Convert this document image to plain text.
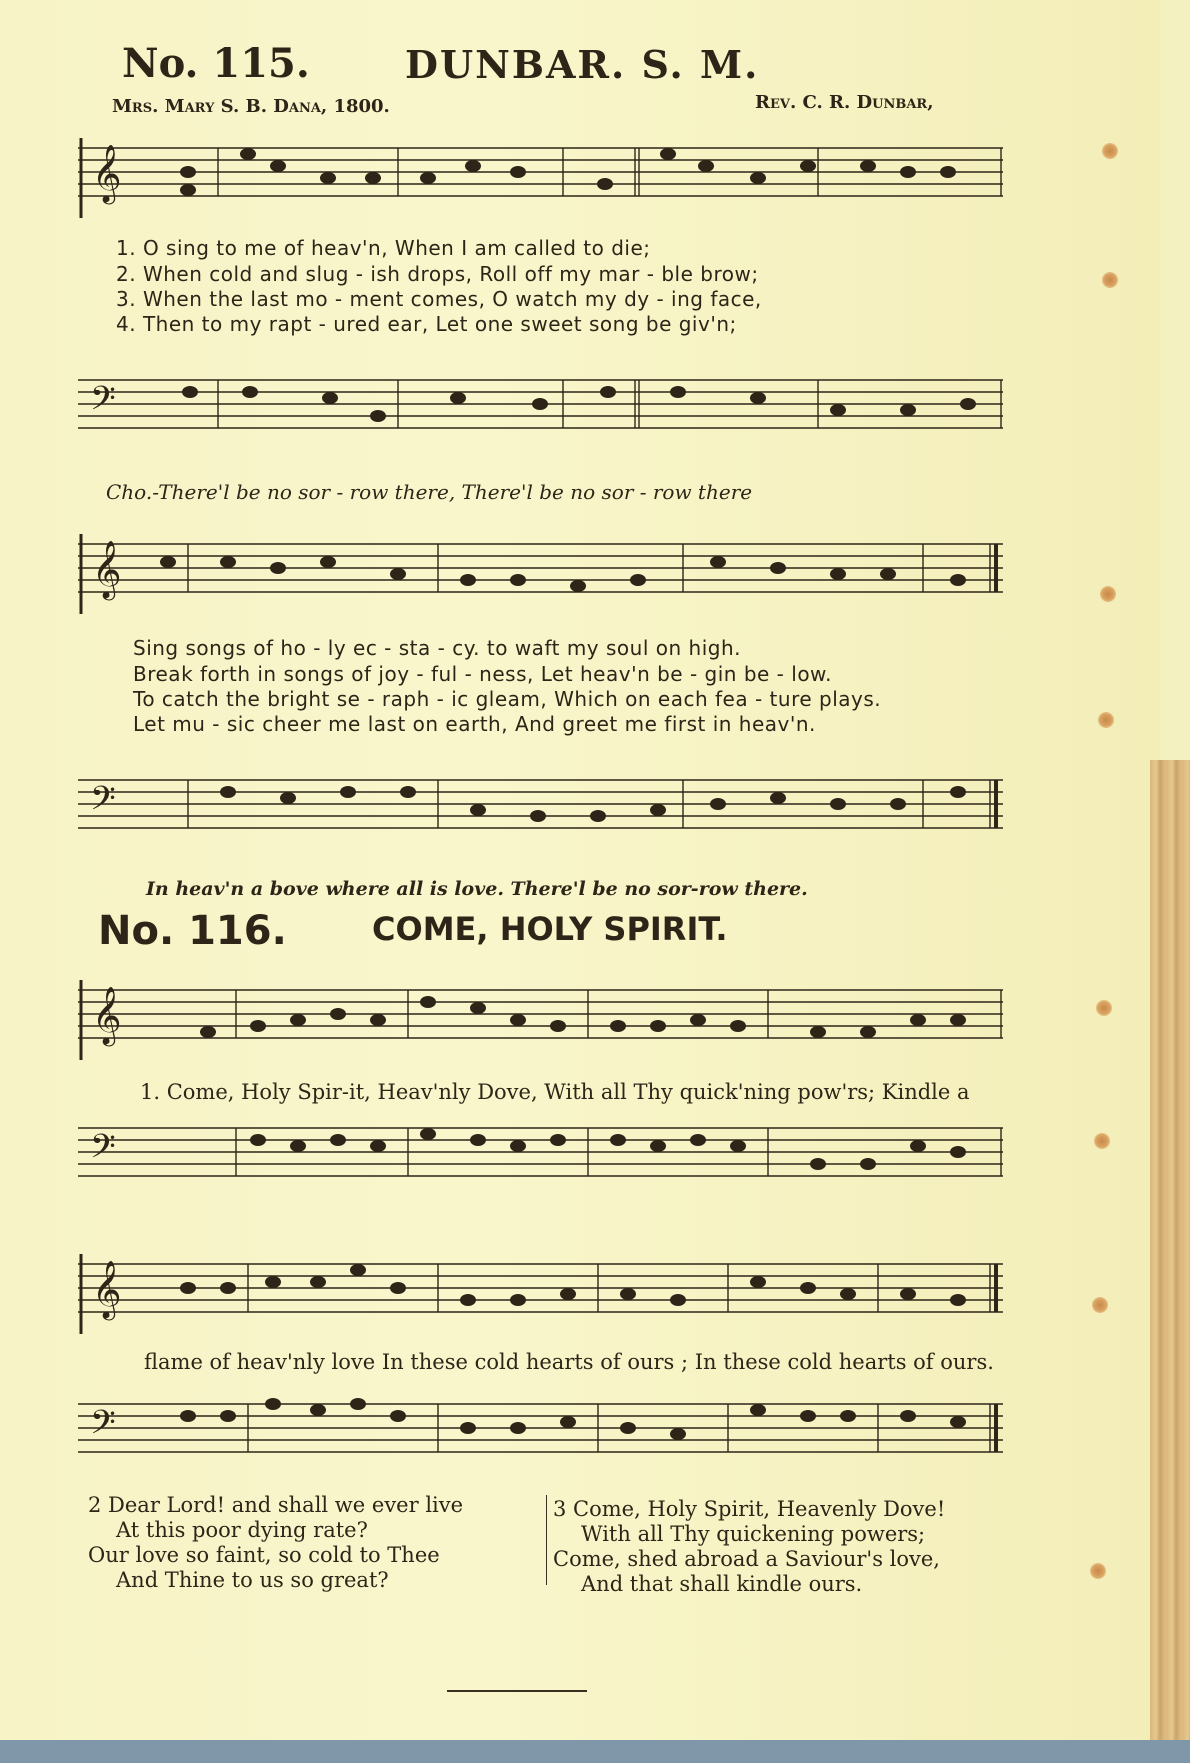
No. 115.	DUNBAR. S. M.
Mrs. Mary S. B. Dana, 1800.	Rev. C. R. Dunbar,
𝄞
1. O sing to me of heav'n, When I am called to die;
2. When cold and slug - ish drops, Roll off my mar - ble brow;
3. When the last mo - ment comes, O watch my dy - ing face,
4. Then to my rapt - ured ear, Let one sweet song be giv'n;
𝄢
Cho.-There'l be no sor - row there, There'l be no sor - row there
𝄞
Sing songs of ho - ly ec - sta - cy. to waft my soul on high.
Break forth in songs of joy - ful - ness, Let heav'n be - gin be - low.
To catch the bright se - raph - ic gleam, Which on each fea - ture plays.
Let mu - sic cheer me last on earth, And greet me first in heav'n.
𝄢
In heav'n a bove where all is love. There'l be no sor-row there.
No. 116.	COME, HOLY SPIRIT.
𝄞
1. Come, Holy Spir-it, Heav'nly Dove, With all Thy quick'ning pow'rs; Kindle a
𝄢
𝄞
flame of heav'nly love In these cold hearts of ours ; In these cold hearts of ours.
𝄢
2 Dear Lord! and shall we ever live
At this poor dying rate?
Our love so faint, so cold to Thee
And Thine to us so great?
3 Come, Holy Spirit, Heavenly Dove!
With all Thy quickening powers;
Come, shed abroad a Saviour's love,
And that shall kindle ours.
